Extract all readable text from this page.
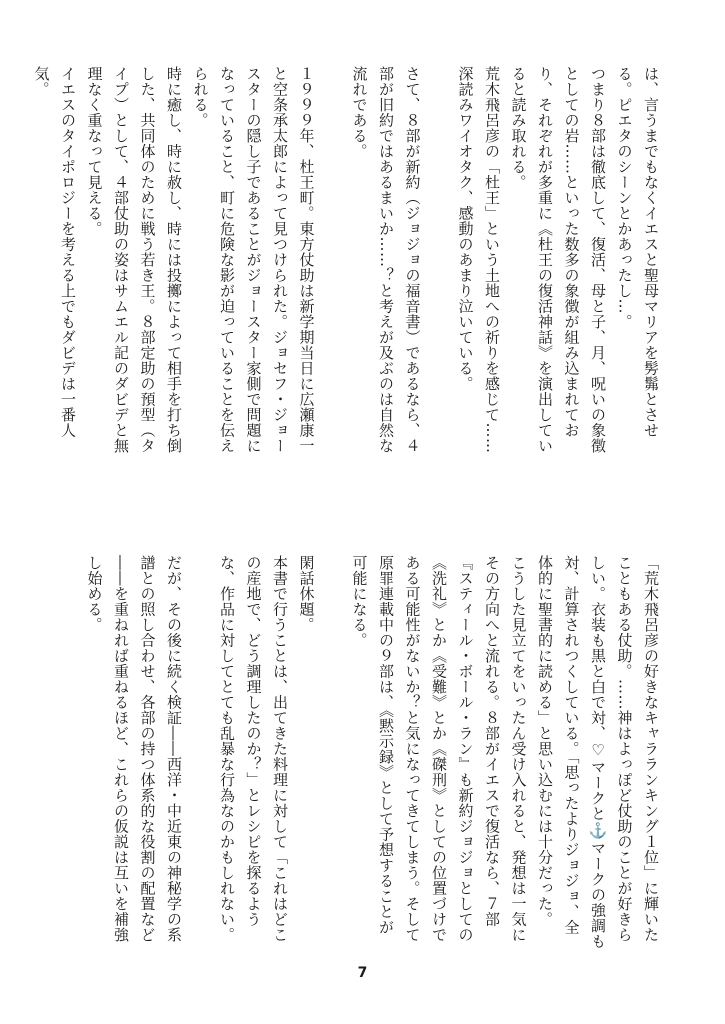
は、言うまでもなくイエスと聖母マリアを髣髴とさせる。ピエタのシーンとかあったし…。

つまり８部は徹底して、復活、母と子、月、呪いの象徴としての岩……といった数多の象徴が組み込まれており、それぞれが多重に《杜王の復活神話》を演出していると読み取れる。

荒木飛呂彦の「杜王」という土地への祈りを感じて……深読みワイオタク、感動のあまり泣いている。

さて、８部が新約（ジョジョの福音書）であるなら、４部が旧約ではあるまいか……？と考えが及ぶのは自然な流れである。

１９９９年、杜王町。東方仗助は新学期当日に広瀬康一と空条承太郎によって見つけられた。ジョセフ・ジョースターの隠し子であることがジョースター家側で問題になっていること、町に危険な影が迫っていることを伝えられる。

時に癒し、時に赦し、時には投擲によって相手を打ち倒した、共同体のために戦う若き王。８部定助の預型（タイプ）として、４部仗助の姿はサムエル記のダビデと無理なく重なって見える。

イエスのタイポロジーを考える上でもダビデは一番人気。

「荒木飛呂彦の好きなキャラランキング１位」に輝いたこともある仗助。……神はよっぽど仗助のことが好きらしい。衣装も黒と白で対、♡マークと⚓マークの強調も対、計算されつくしている。「思ったよりジョジョ、全体的に聖書的に読める」と思い込むには十分だった。

こうした見立てをいったん受け入れると、発想は一気にその方向へと流れる。８部がイエスで復活なら、７部『スティール・ボール・ラン』も新約ジョジョとしての《洗礼》とか《受難》とか《磔刑》としての位置づけである可能性がないか？と気になってきてしまう。そして原罪連載中の９部は、《黙示録》として予想することが可能になる。

閑話休題。

本書で行うことは、出てきた料理に対して「これはどこの産地で、どう調理したのか？」とレシピを探るような、作品に対してとても乱暴な行為なのかもしれない。

だが、その後に続く検証――西洋・中近東の神秘学の系譜との照し合わせ、各部の持つ体系的な役割の配置など――を重ねれば重ねるほど、これらの仮説は互いを補強し始める。

7
